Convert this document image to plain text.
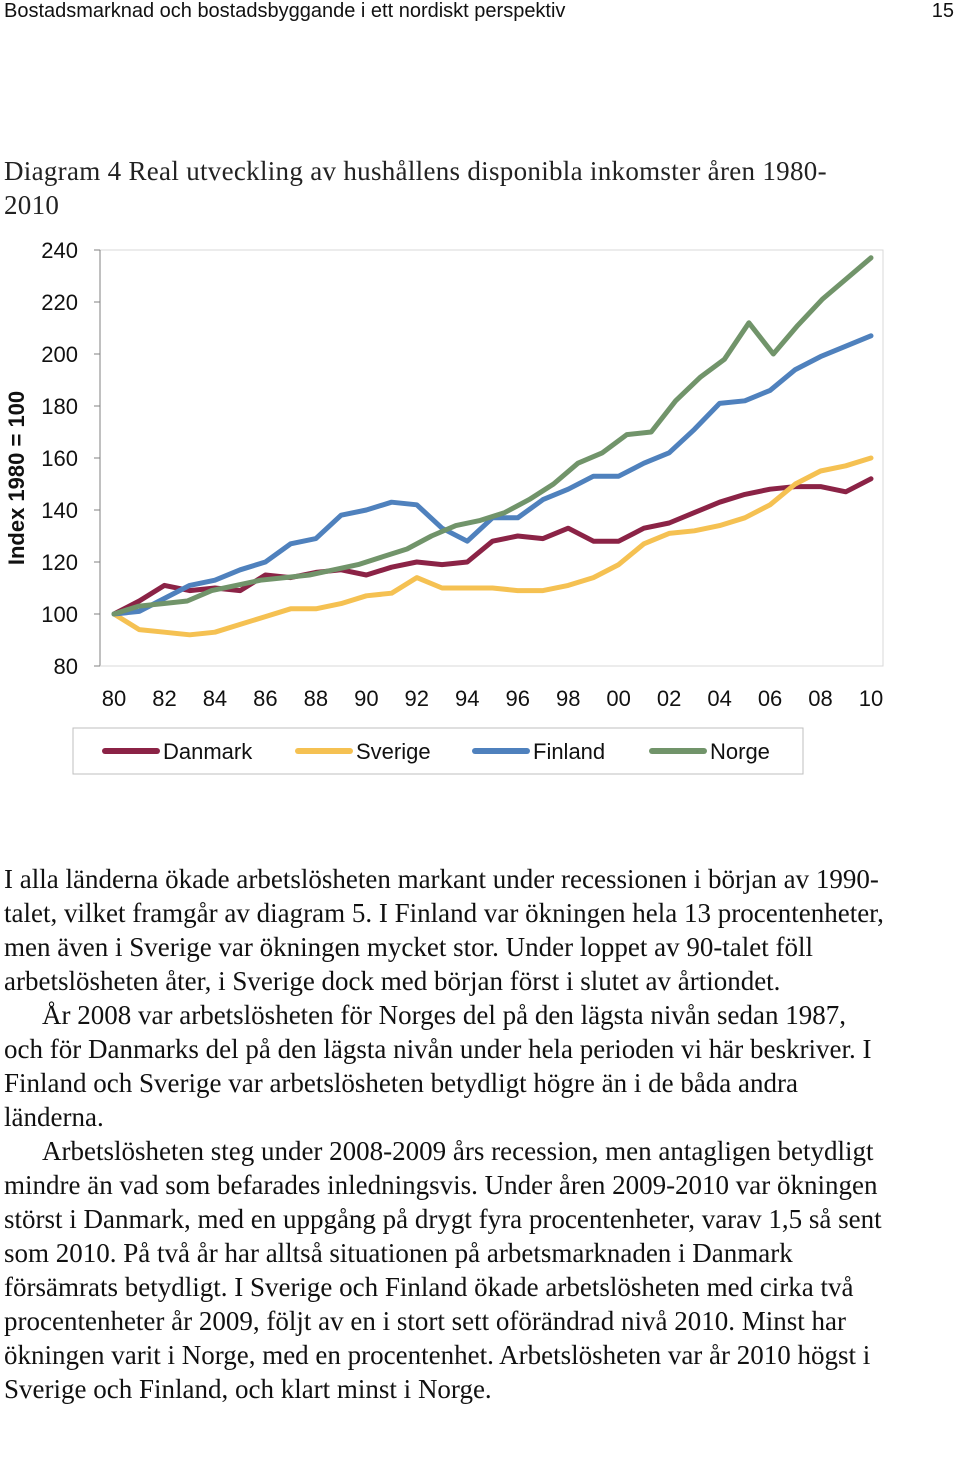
Bostadsmarknad och bostadsbyggande i ett nordiskt perspektiv	15
Diagram 4 Real utveckling av hushållens disponibla inkomster åren 1980-2010
80
100
120
140
160
180
200
220
240
80 82 84 86 88 90 92 94 96 98 00 02 04 06 08 10
Index 1980 = 100
Danmark	Sverige	Finland	Norge

I alla länderna ökade arbetslösheten markant under recessionen i början av 1990-talet, vilket framgår av diagram 5. I Finland var ökningen hela 13 procentenheter, men även i Sverige var ökningen mycket stor. Under loppet av 90-talet föll arbetslösheten åter, i Sverige dock med början först i slutet av årtiondet.

År 2008 var arbetslösheten för Norges del på den lägsta nivån sedan 1987, och för Danmarks del på den lägsta nivån under hela perioden vi här beskriver. I Finland och Sverige var arbetslösheten betydligt högre än i de båda andra länderna.

Arbetslösheten steg under 2008-2009 års recession, men antagligen betydligt mindre än vad som befarades inledningsvis. Under åren 2009-2010 var ökningen störst i Danmark, med en uppgång på drygt fyra procentenheter, varav 1,5 så sent som 2010. På två år har alltså situationen på arbetsmarknaden i Danmark försämrats betydligt. I Sverige och Finland ökade arbetslösheten med cirka två procentenheter år 2009, följt av en i stort sett oförändrad nivå 2010. Minst har ökningen varit i Norge, med en procentenhet. Arbetslösheten var år 2010 högst i Sverige och Finland, och klart minst i Norge.
